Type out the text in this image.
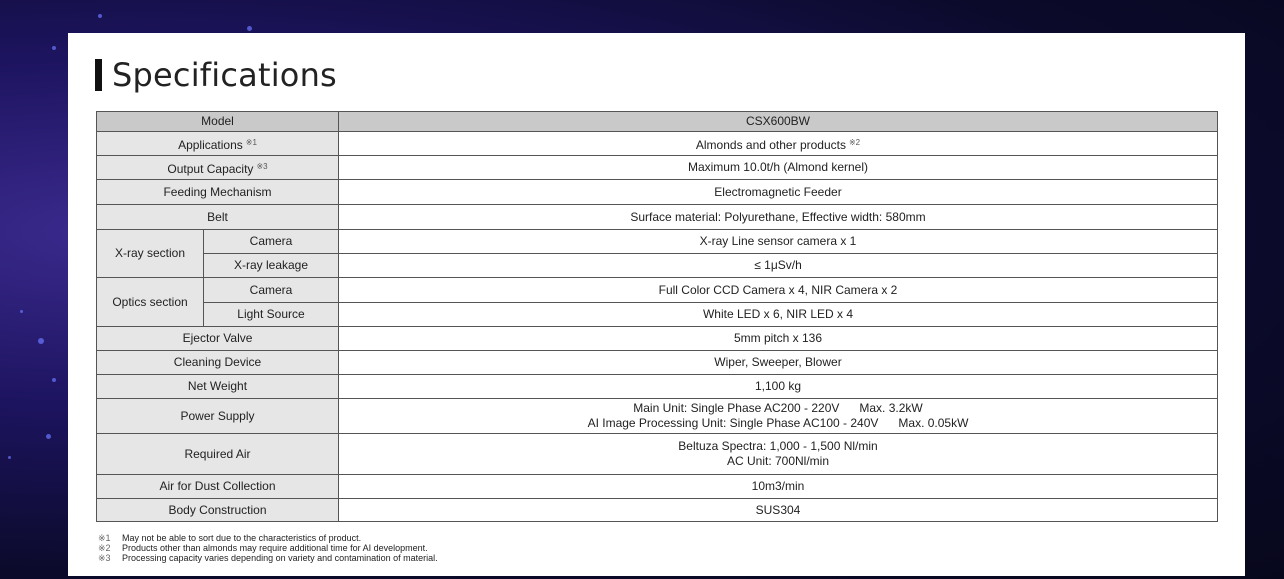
Specifications
Model		CSX600BW
Applications $^{※1}$		Almonds and other products $^{※2}$
Output Capacity $^{※3}$		Maximum 10.0t/h (Almond kernel)
Feeding Mechanism		Electromagnetic Feeder
Belt		Surface material: Polyurethane, Effective width: 580mm
X-ray section	Camera	X-ray Line sensor camera x 1
	X-ray leakage	≤ 1μSv/h
Optics section	Camera	Full Color CCD Camera x 4, NIR Camera x 2
	Light Source	White LED x 6, NIR LED x 4
Ejector Valve		5mm pitch x 136
Cleaning Device		Wiper, Sweeper, Blower
Net Weight		1,100 kg
Power Supply		Main Unit: Single Phase AC200 - 220V      Max. 3.2kW
AI Image Processing Unit: Single Phase AC100 - 240V      Max. 0.05kW
Required Air		Beltuza Spectra: 1,000 - 1,500 Nl/min
AC Unit: 700Nl/min
Air for Dust Collection		10m3/min
Body Construction		SUS304
※1	May not be able to sort due to the characteristics of product.
※2	Products other than almonds may require additional time for AI development.
※3	Processing capacity varies depending on variety and contamination of material.
